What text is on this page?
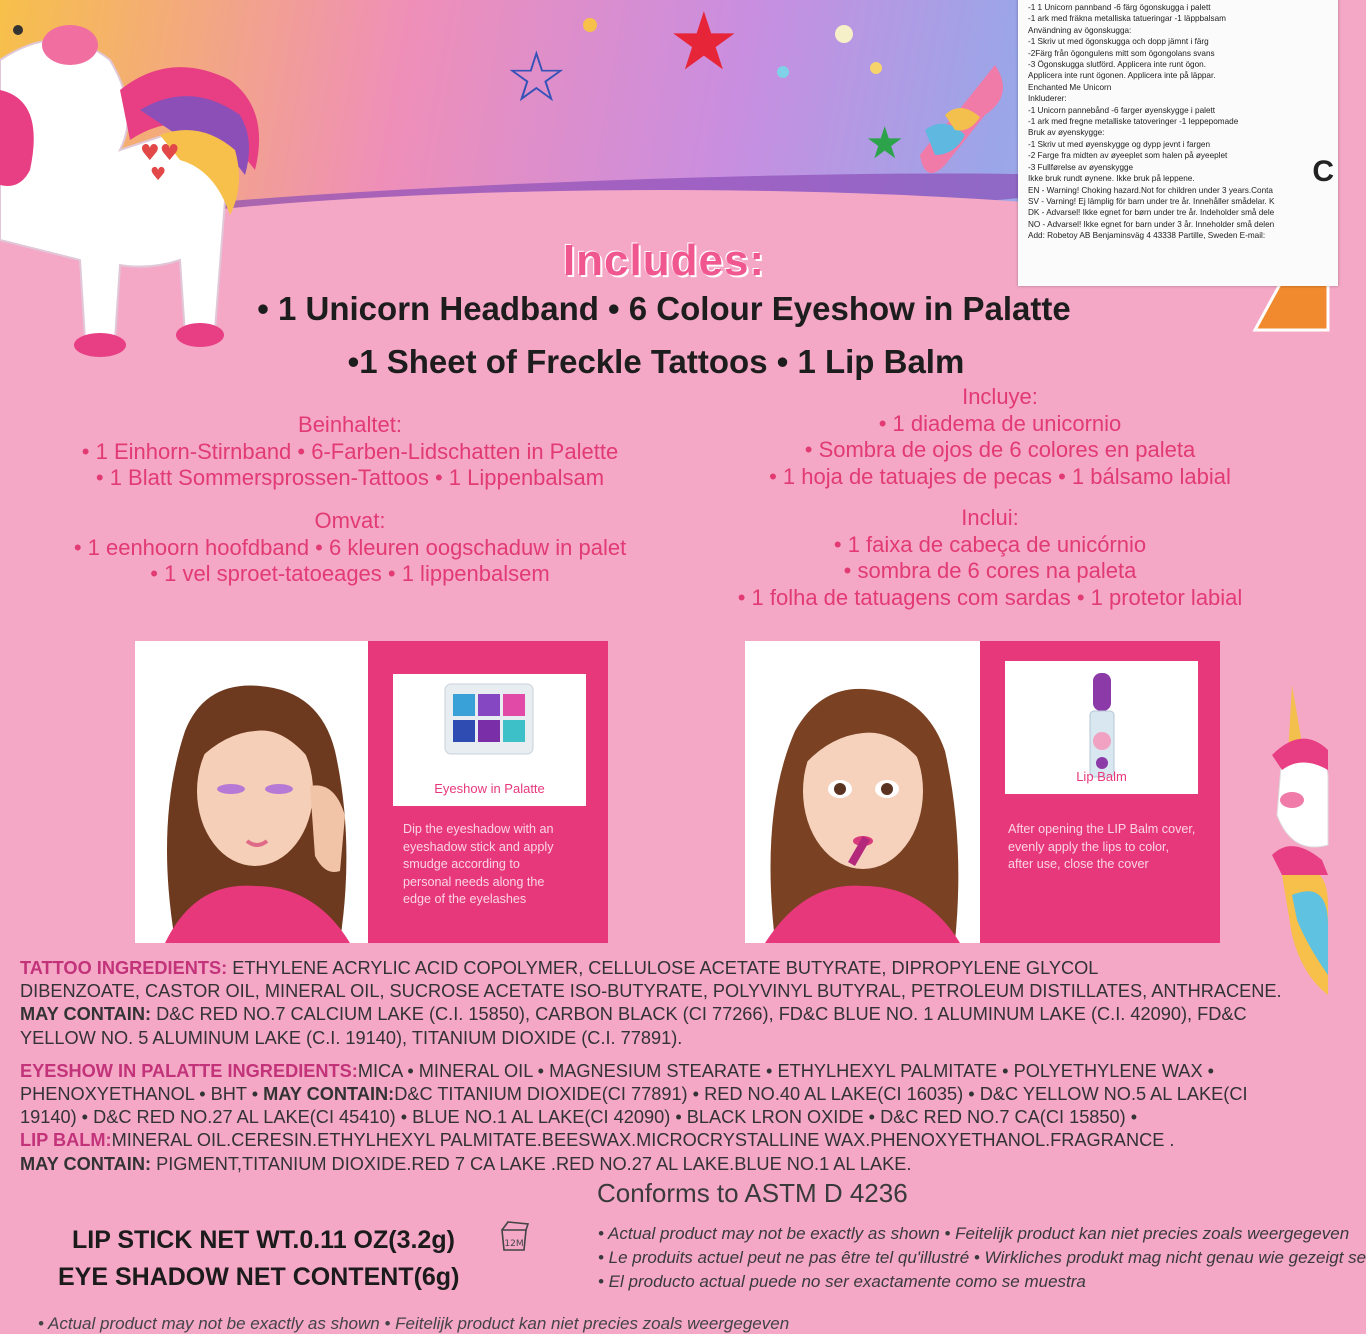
♥♥
♥
☆ ★
★
-1 1 Unicorn pannband -6 färg ögonskugga i palett
-1 ark med fräkna metalliska tatueringar -1 läppbalsam
Användning av ögonskugga:
-1 Skriv ut med ögonskugga och dopp jämnt i färg
-2Färg från ögongulens mitt som ögongolans svans
-3 Ögonskugga slutförd. Applicera inte runt ögon.
Applicera inte runt ögonen. Applicera inte på läppar.
Enchanted Me Unicorn
Inkluderer:
-1 Unicorn pannebånd -6 farger øyenskygge i palett
-1 ark med fregne metalliske tatoveringer -1 leppepomade
Bruk av øyenskygge:
-1 Skriv ut med øyenskygge og dypp jevnt i fargen
-2 Farge fra midten av øyeeplet som halen på øyeeplet
-3 Fullførelse av øyenskygge
Ikke bruk rundt øynene. Ikke bruk på leppene.
EN - Warning! Choking hazard.Not for children under 3 years.Conta
SV - Varning! Ej lämplig för barn under tre år. Innehåller smådelar. K
DK - Advarsel! Ikke egnet for børn under tre år. Indeholder små dele
NO - Advarsel! Ikke egnet for barn under 3 år. Inneholder små delen
Add: Robetoy AB Benjaminsväg 4 43338 Partille, Sweden E-mail:
C
Includes:
• 1 Unicorn Headband • 6 Colour Eyeshow in Palatte
•1 Sheet of Freckle Tattoos • 1 Lip Balm
Beinhaltet:
• 1 Einhorn-Stirnband • 6-Farben-Lidschatten in Palette
• 1 Blatt Sommersprossen-Tattoos • 1 Lippenbalsam
Incluye:
• 1 diadema de unicornio
• Sombra de ojos de 6 colores en paleta
• 1 hoja de tatuajes de pecas • 1 bálsamo labial
Omvat:
• 1 eenhoorn hoofdband • 6 kleuren oogschaduw in palet
• 1 vel sproet-tatoeages • 1 lippenbalsem
Inclui:
• 1 faixa de cabeça de unicórnio
• sombra de 6 cores na paleta
• 1 folha de tatuagens com sardas • 1 protetor labial
Eyeshow in Palatte
Dip the eyeshadow with an
eyeshadow stick and apply
smudge according to
personal needs along the
edge of the eyelashes
Lip Balm
After opening the LIP Balm cover,
evenly apply the lips to color,
after use, close the cover
TATTOO INGREDIENTS: ETHYLENE ACRYLIC ACID COPOLYMER, CELLULOSE ACETATE BUTYRATE, DIPROPYLENE GLYCOL
DIBENZOATE, CASTOR OIL, MINERAL OIL, SUCROSE ACETATE ISO-BUTYRATE, POLYVINYL BUTYRAL, PETROLEUM DISTILLATES, ANTHRACENE.
MAY CONTAIN: D&C RED NO.7 CALCIUM LAKE (C.I. 15850), CARBON BLACK (CI 77266), FD&C BLUE NO. 1 ALUMINUM LAKE (C.I. 42090), FD&C
YELLOW NO. 5 ALUMINUM LAKE (C.I. 19140), TITANIUM DIOXIDE (C.I. 77891).
EYESHOW IN PALATTE INGREDIENTS:MICA • MINERAL OIL • MAGNESIUM STEARATE • ETHYLHEXYL PALMITATE • POLYETHYLENE WAX •
PHENOXYETHANOL • BHT • MAY CONTAIN:D&C TITANIUM DIOXIDE(CI 77891) • RED NO.40 AL LAKE(CI 16035) • D&C YELLOW NO.5 AL LAKE(CI
19140) • D&C RED NO.27 AL LAKE(CI 45410) • BLUE NO.1 AL LAKE(CI 42090) • BLACK LRON OXIDE • D&C RED NO.7 CA(CI 15850) •
LIP BALM:MINERAL OIL.CERESIN.ETHYLHEXYL PALMITATE.BEESWAX.MICROCRYSTALLINE WAX.PHENOXYETHANOL.FRAGRANCE .
MAY CONTAIN: PIGMENT,TITANIUM DIOXIDE.RED 7 CA LAKE .RED NO.27 AL LAKE.BLUE NO.1 AL LAKE.
Conforms to ASTM D 4236
LIP STICK NET WT.0.11 OZ(3.2g)
EYE SHADOW NET CONTENT(6g)
12M
• Actual product may not be exactly as shown • Feitelijk product kan niet precies zoals weergegeven
• Le produits actuel peut ne pas être tel qu'illustré • Wirkliches produkt mag nicht genau wie gezeigt se
• El producto actual puede no ser exactamente como se muestra
• Actual product may not be exactly as shown • Feitelijk product kan niet precies zoals weergegeven
